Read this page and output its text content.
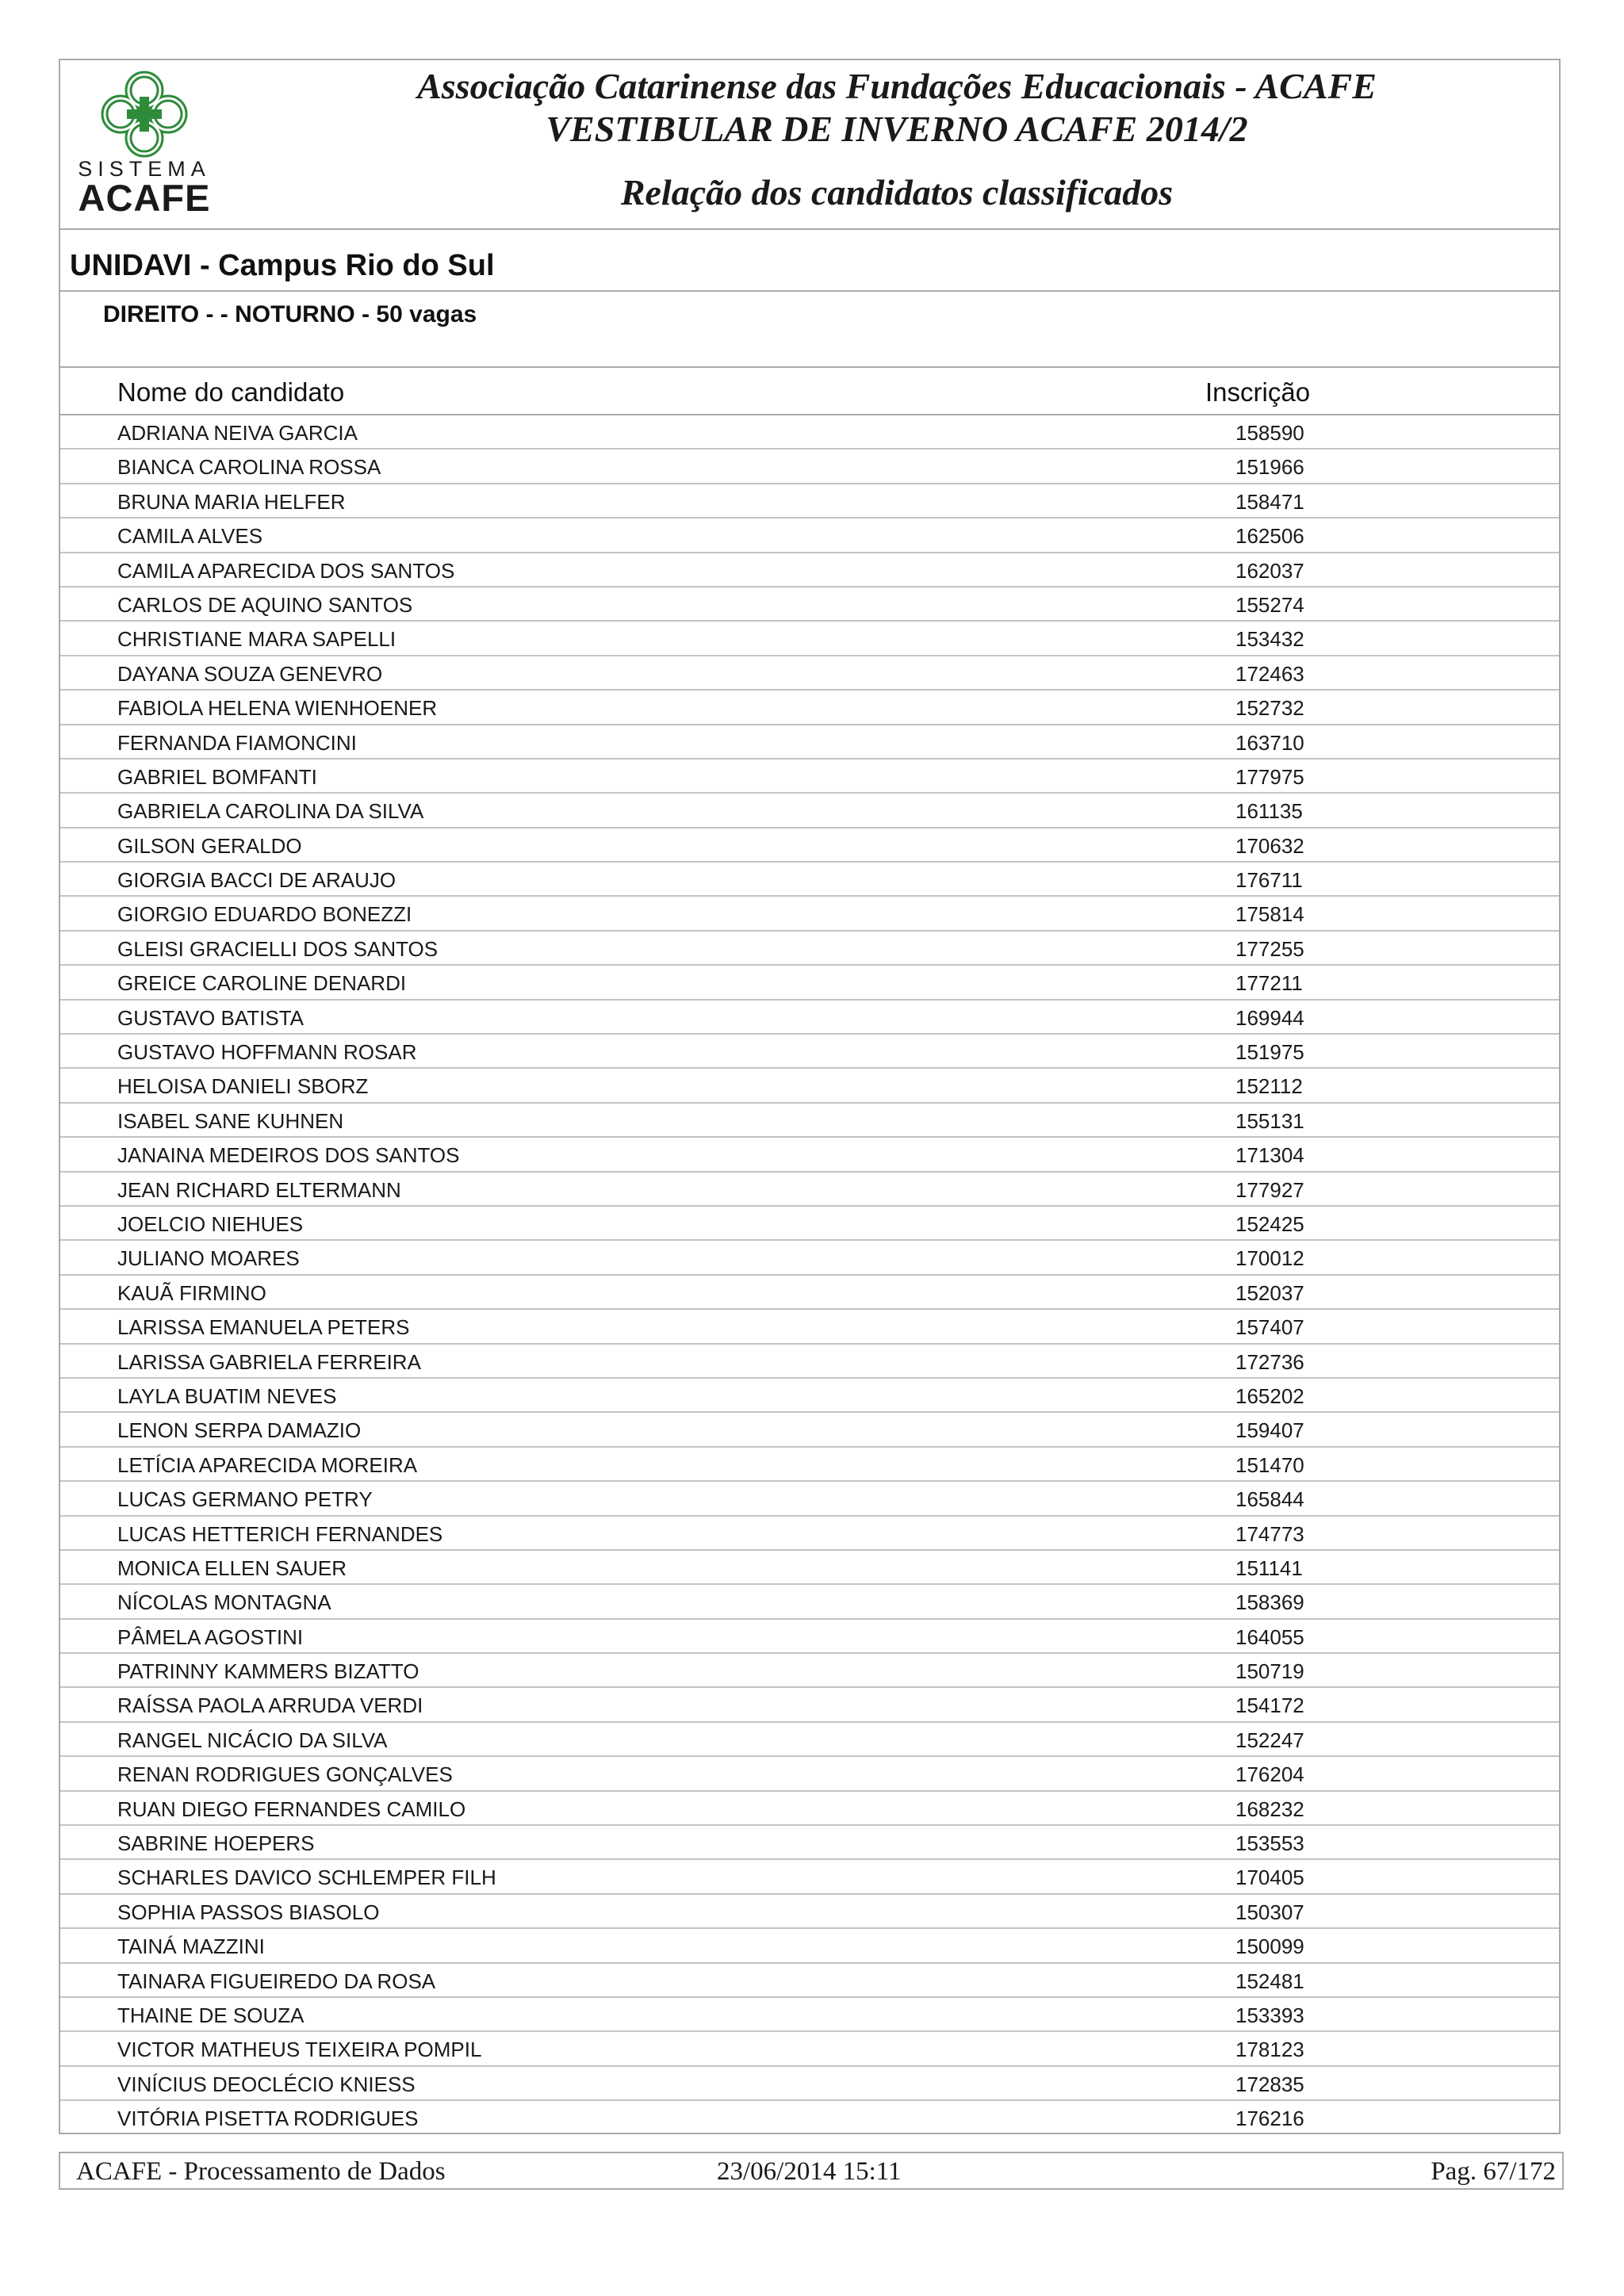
SISTEMA
ACAFE
Associação Catarinense das Fundações Educacionais - ACAFE
VESTIBULAR DE INVERNO ACAFE 2014/2
Relação dos candidatos classificados
UNIDAVI - Campus Rio do Sul
DIREITO - - NOTURNO - 50 vagas
Nome do candidato	Inscrição
ADRIANA NEIVA GARCIA	158590
BIANCA CAROLINA ROSSA	151966
BRUNA MARIA HELFER	158471
CAMILA ALVES	162506
CAMILA APARECIDA DOS SANTOS	162037
CARLOS DE AQUINO SANTOS	155274
CHRISTIANE MARA SAPELLI	153432
DAYANA SOUZA GENEVRO	172463
FABIOLA HELENA WIENHOENER	152732
FERNANDA FIAMONCINI	163710
GABRIEL BOMFANTI	177975
GABRIELA CAROLINA DA SILVA	161135
GILSON GERALDO	170632
GIORGIA BACCI DE ARAUJO	176711
GIORGIO EDUARDO BONEZZI	175814
GLEISI GRACIELLI DOS SANTOS	177255
GREICE CAROLINE DENARDI	177211
GUSTAVO BATISTA	169944
GUSTAVO HOFFMANN ROSAR	151975
HELOISA DANIELI SBORZ	152112
ISABEL SANE KUHNEN	155131
JANAINA MEDEIROS DOS SANTOS	171304
JEAN RICHARD ELTERMANN	177927
JOELCIO NIEHUES	152425
JULIANO MOARES	170012
KAUÃ FIRMINO	152037
LARISSA EMANUELA PETERS	157407
LARISSA GABRIELA FERREIRA	172736
LAYLA BUATIM NEVES	165202
LENON SERPA DAMAZIO	159407
LETÍCIA APARECIDA MOREIRA	151470
LUCAS GERMANO PETRY	165844
LUCAS HETTERICH FERNANDES	174773
MONICA ELLEN SAUER	151141
NÍCOLAS MONTAGNA	158369
PÂMELA AGOSTINI	164055
PATRINNY KAMMERS BIZATTO	150719
RAÍSSA PAOLA ARRUDA VERDI	154172
RANGEL NICÁCIO DA SILVA	152247
RENAN RODRIGUES GONÇALVES	176204
RUAN DIEGO FERNANDES CAMILO	168232
SABRINE HOEPERS	153553
SCHARLES DAVICO SCHLEMPER FILH	170405
SOPHIA PASSOS BIASOLO	150307
TAINÁ MAZZINI	150099
TAINARA FIGUEIREDO DA ROSA	152481
THAINE DE SOUZA	153393
VICTOR MATHEUS TEIXEIRA POMPIL	178123
VINÍCIUS DEOCLÉCIO KNIESS	172835
VITÓRIA PISETTA RODRIGUES	176216
ACAFE - Processamento de Dados	23/06/2014 15:11	Pag. 67/172
